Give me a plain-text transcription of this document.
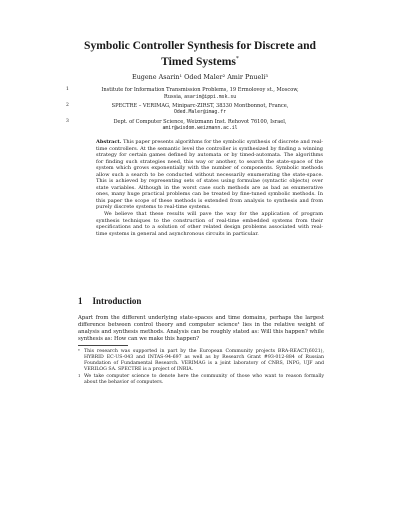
Symbolic Controller Synthesis for Discrete and
Timed Systems*
Eugene Asarin¹ Oded Maler² Amir Pnueli³
1	Institute for Information Transmission Problems, 19 Ermolovoy st., Moscow,
Russia, asarin@ippi.msk.su
2	SPECTRE – VERIMAG, Miniparc-ZIRST, 38330 Montbonnot, France,
Oded.Maler@imag.fr
3	Dept. of Computer Science, Weizmann Inst. Rehovot 76100, Israel,
amir@wisdom.weizmann.ac.il
Abstract. This paper presents algorithms for the symbolic synthesis of discrete and real-time controllers. At the semantic level the controller is synthesized by finding a winning strategy for certain games defined by automata or by timed-automata. The algorithms for finding such strategies need, this way or another, to search the state-space of the system which grows exponentially with the number of components. Symbolic methods allow such a search to be conducted without necessarily enumerating the state-space. This is achieved by representing sets of states using formulae (syntactic objects) over state variables. Although in the worst case such methods are as bad as enumerative ones, many huge practical problems can be treated by fine-tuned symbolic methods. In this paper the scope of these methods is extended from analysis to synthesis and from purely discrete systems to real-time systems.
We believe that these results will pave the way for the application of program synthesis techniques to the construction of real-time embedded systems from their specifications and to a solution of other related design problems associated with real-time systems in general and asynchronous circuits in particular.
1 Introduction
Apart from the different underlying state-spaces and time domains, perhaps the largest difference between control theory and computer science¹ lies in the relative weight of analysis and synthesis methods. Analysis can be roughly stated as: Will this happen? while synthesis as: How can we make this happen?
* This research was supported in part by the European Community projects BRA-REACT(6021), HYBRID EC-US-043 and INTAS-94-697 as well as by Research Grant #93-012-884 of Russian Foundation of Fundamental Research. VERIMAG is a joint laboratory of CNRS, INPG, UJF and VERILOG SA. SPECTRE is a project of INRIA.
1 We take computer science to denote here the community of those who want to reason formally about the behavior of computers.
